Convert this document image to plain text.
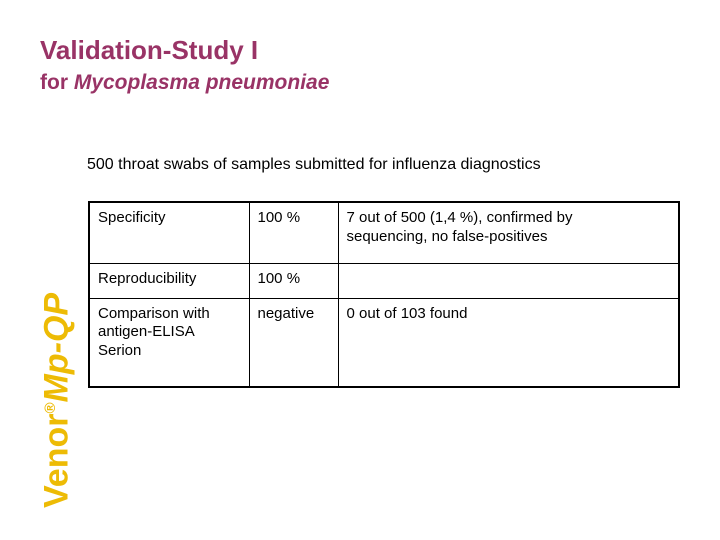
Validation-Study I
for Mycoplasma pneumoniae
500 throat swabs of samples submitted for influenza diagnostics
Specificity	100 %	7 out of 500 (1,4 %), confirmed by sequencing, no false-positives

Reproducibility	100 %	

Comparison with antigen-ELISA Serion	negative	0 out of 103 found
Venor®Mp-QP
